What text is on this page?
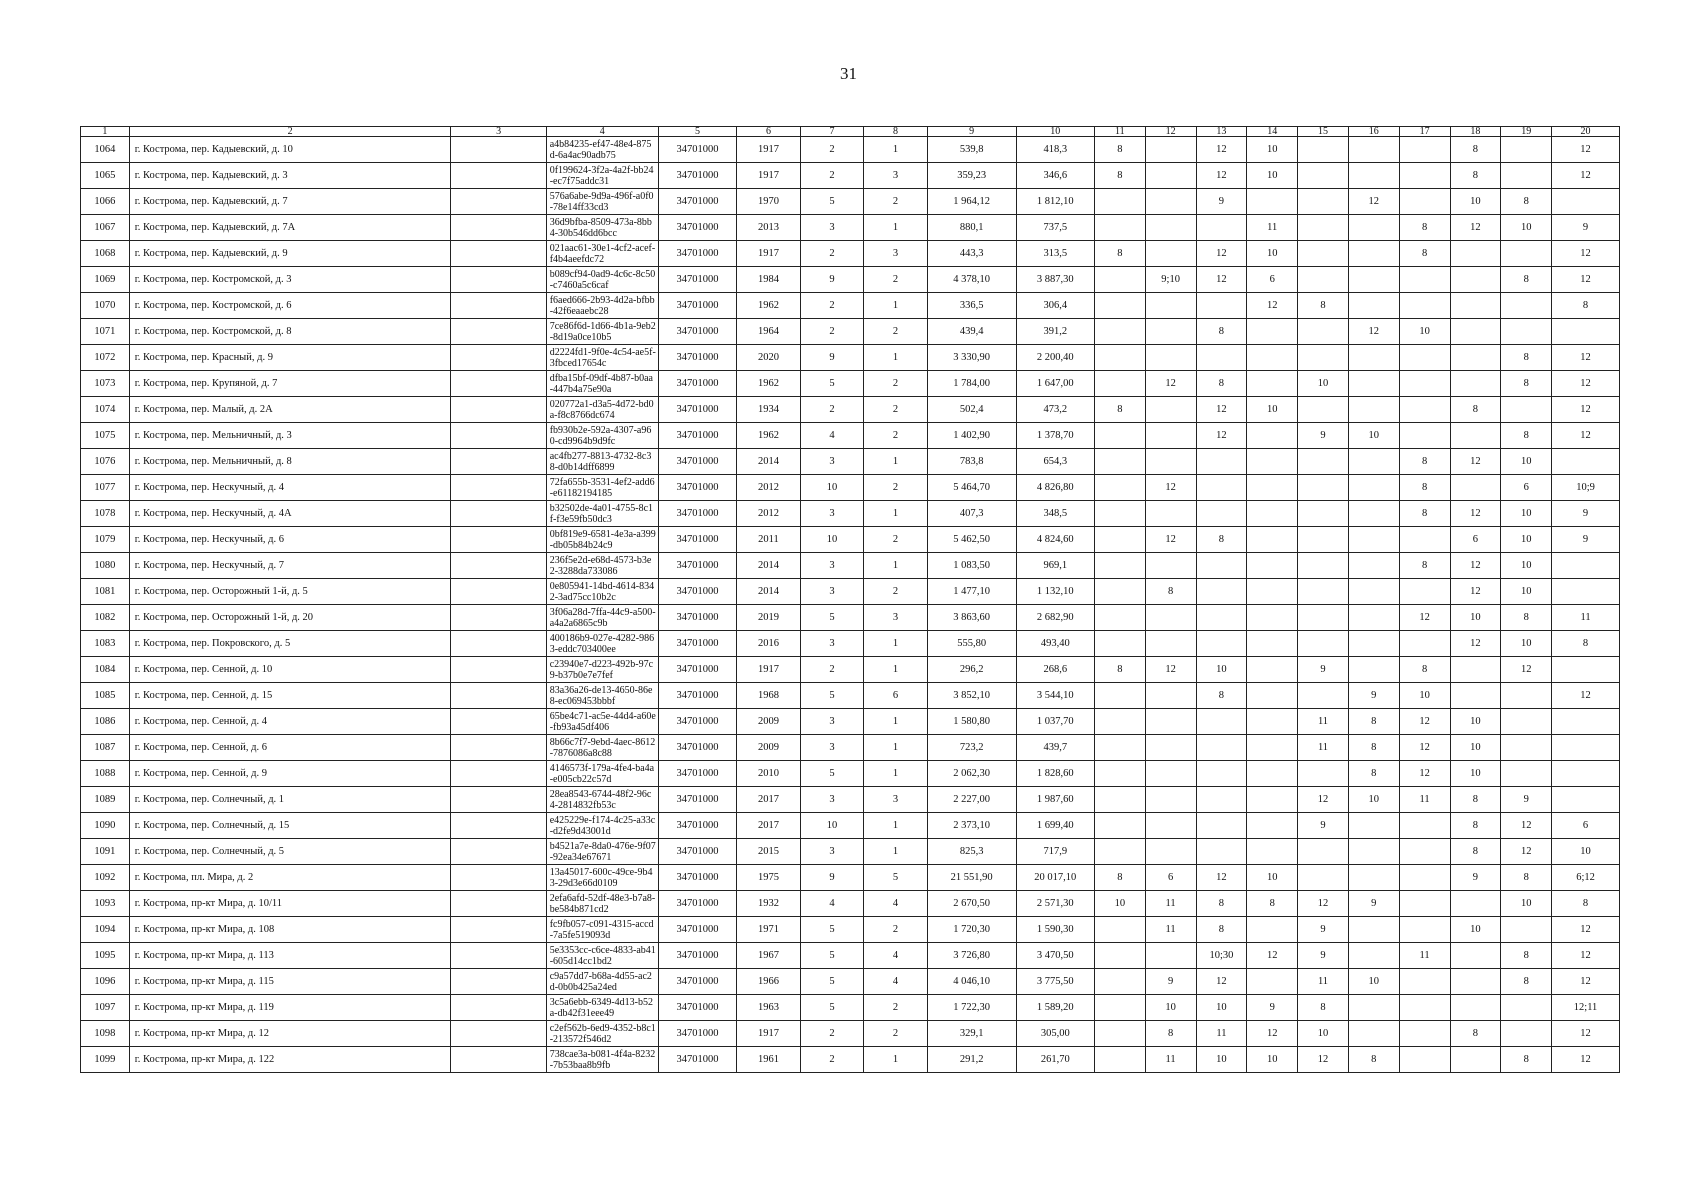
31
1	2	3	4	5	6	7	8	9	10	11	12	13	14	15	16	17	18	19	20
1064	г. Кострома, пер. Кадыевский, д. 10		a4b84235-ef47-48e4-875d-6a4ac90adb75	34701000	1917	2	1	539,8	418,3	8		12	10				8		12
1065	г. Кострома, пер. Кадыевский, д. 3		0f199624-3f2a-4a2f-bb24-ec7f75addc31	34701000	1917	2	3	359,23	346,6	8		12	10				8		12
1066	г. Кострома, пер. Кадыевский, д. 7		576a6abe-9d9a-496f-a0f0-78e14ff33cd3	34701000	1970	5	2	1 964,12	1 812,10			9			12		10	8	
1067	г. Кострома, пер. Кадыевский, д. 7А		36d9bfba-8509-473a-8bb4-30b546dd6bcc	34701000	2013	3	1	880,1	737,5				11			8	12	10	9
1068	г. Кострома, пер. Кадыевский, д. 9		021aac61-30e1-4cf2-acef-f4b4aeefdc72	34701000	1917	2	3	443,3	313,5	8		12	10			8			12
1069	г. Кострома, пер. Костромской, д. 3		b089cf94-0ad9-4c6c-8c50-c7460a5c6caf	34701000	1984	9	2	4 378,10	3 887,30		9;10	12	6					8	12
1070	г. Кострома, пер. Костромской, д. 6		f6aed666-2b93-4d2a-bfbb-42f6eaaebc28	34701000	1962	2	1	336,5	306,4				12	8					8
1071	г. Кострома, пер. Костромской, д. 8		7ce86f6d-1d66-4b1a-9eb2-8d19a0ce10b5	34701000	1964	2	2	439,4	391,2			8			12	10			
1072	г. Кострома, пер. Красный, д. 9		d2224fd1-9f0e-4c54-ae5f-3fbced17654c	34701000	2020	9	1	3 330,90	2 200,40									8	12
1073	г. Кострома, пер. Крупяной, д. 7		dfba15bf-09df-4b87-b0aa-447b4a75e90a	34701000	1962	5	2	1 784,00	1 647,00		12	8		10				8	12
1074	г. Кострома, пер. Малый, д. 2А		020772a1-d3a5-4d72-bd0a-f8c8766dc674	34701000	1934	2	2	502,4	473,2	8		12	10				8		12
1075	г. Кострома, пер. Мельничный, д. 3		fb930b2e-592a-4307-a960-cd9964b9d9fc	34701000	1962	4	2	1 402,90	1 378,70			12		9	10			8	12
1076	г. Кострома, пер. Мельничный, д. 8		ac4fb277-8813-4732-8c38-d0b14dff6899	34701000	2014	3	1	783,8	654,3							8	12	10	
1077	г. Кострома, пер. Нескучный, д. 4		72fa655b-3531-4ef2-add6-e61182194185	34701000	2012	10	2	5 464,70	4 826,80		12					8		6	10;9
1078	г. Кострома, пер. Нескучный, д. 4А		b32502de-4a01-4755-8c1f-f3e59fb50dc3	34701000	2012	3	1	407,3	348,5							8	12	10	9
1079	г. Кострома, пер. Нескучный, д. 6		0bf819e9-6581-4e3a-a399-db05b84b24c9	34701000	2011	10	2	5 462,50	4 824,60		12	8					6	10	9
1080	г. Кострома, пер. Нескучный, д. 7		236f5e2d-e68d-4573-b3e2-3288da733086	34701000	2014	3	1	1 083,50	969,1							8	12	10	
1081	г. Кострома, пер. Осторожный 1-й, д. 5		0e805941-14bd-4614-8342-3ad75cc10b2c	34701000	2014	3	2	1 477,10	1 132,10		8						12	10	
1082	г. Кострома, пер. Осторожный 1-й, д. 20		3f06a28d-7ffa-44c9-a500-a4a2a6865c9b	34701000	2019	5	3	3 863,60	2 682,90							12	10	8	11
1083	г. Кострома, пер. Покровского, д. 5		400186b9-027e-4282-9863-eddc703400ee	34701000	2016	3	1	555,80	493,40								12	10	8
1084	г. Кострома, пер. Сенной, д. 10		c23940e7-d223-492b-97c9-b37b0e7e7fef	34701000	1917	2	1	296,2	268,6	8	12	10		9		8		12	
1085	г. Кострома, пер. Сенной, д. 15		83a36a26-de13-4650-86e8-ec069453bbbf	34701000	1968	5	6	3 852,10	3 544,10			8			9	10			12
1086	г. Кострома, пер. Сенной, д. 4		65be4c71-ac5e-44d4-a60e-fb93a45df406	34701000	2009	3	1	1 580,80	1 037,70					11	8	12	10		
1087	г. Кострома, пер. Сенной, д. 6		8b66c7f7-9ebd-4aec-8612-7876086a8c88	34701000	2009	3	1	723,2	439,7					11	8	12	10		
1088	г. Кострома, пер. Сенной, д. 9		4146573f-179a-4fe4-ba4a-e005cb22c57d	34701000	2010	5	1	2 062,30	1 828,60						8	12	10		
1089	г. Кострома, пер. Солнечный, д. 1		28ea8543-6744-48f2-96c4-2814832fb53c	34701000	2017	3	3	2 227,00	1 987,60					12	10	11	8	9	
1090	г. Кострома, пер. Солнечный, д. 15		e425229e-f174-4c25-a33c-d2fe9d43001d	34701000	2017	10	1	2 373,10	1 699,40					9			8	12	6
1091	г. Кострома, пер. Солнечный, д. 5		b4521a7e-8da0-476e-9f07-92ea34e67671	34701000	2015	3	1	825,3	717,9								8	12	10
1092	г. Кострома, пл. Мира, д. 2		13a45017-600c-49ce-9b43-29d3e66d0109	34701000	1975	9	5	21 551,90	20 017,10	8	6	12	10				9	8	6;12
1093	г. Кострома, пр-кт Мира, д. 10/11		2efa6afd-52df-48e3-b7a8-be584b871cd2	34701000	1932	4	4	2 670,50	2 571,30	10	11	8	8	12	9			10	8
1094	г. Кострома, пр-кт Мира, д. 108		fc9fb057-c091-4315-accd-7a5fe519093d	34701000	1971	5	2	1 720,30	1 590,30		11	8		9			10		12
1095	г. Кострома, пр-кт Мира, д. 113		5e3353cc-c6ce-4833-ab41-605d14cc1bd2	34701000	1967	5	4	3 726,80	3 470,50			10;30	12	9		11		8	12
1096	г. Кострома, пр-кт Мира, д. 115		c9a57dd7-b68a-4d55-ac2d-0b0b425a24ed	34701000	1966	5	4	4 046,10	3 775,50		9	12		11	10			8	12
1097	г. Кострома, пр-кт Мира, д. 119		3c5a6ebb-6349-4d13-b52a-db42f31eee49	34701000	1963	5	2	1 722,30	1 589,20		10	10	9	8					12;11
1098	г. Кострома, пр-кт Мира, д. 12		c2ef562b-6ed9-4352-b8c1-213572f546d2	34701000	1917	2	2	329,1	305,00		8	11	12	10			8		12
1099	г. Кострома, пр-кт Мира, д. 122		738cae3a-b081-4f4a-8232-7b53baa8b9fb	34701000	1961	2	1	291,2	261,70		11	10	10	12	8			8	12
